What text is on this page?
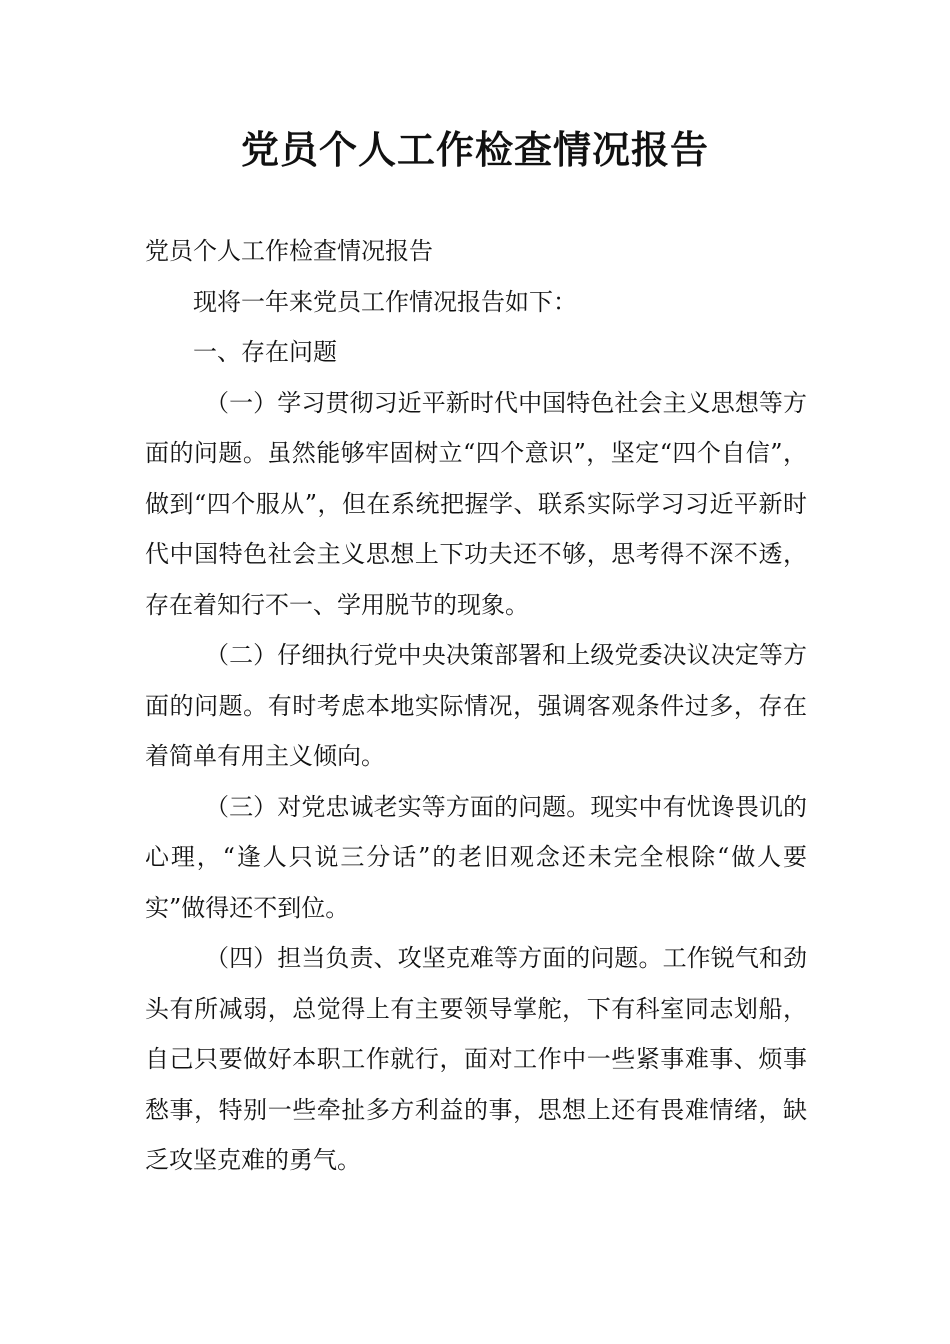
党员个人工作检查情况报告

党员个人工作检查情况报告

现将一年来党员工作情况报告如下：

一、存在问题

（一）学习贯彻习近平新时代中国特色社会主义思想等方面的问题。虽然能够牢固树立“四个意识”，坚定“四个自信”，做到“四个服从”，但在系统把握学、联系实际学习习近平新时代中国特色社会主义思想上下功夫还不够，思考得不深不透，存在着知行不一、学用脱节的现象。

（二）仔细执行党中央决策部署和上级党委决议决定等方面的问题。有时考虑本地实际情况，强调客观条件过多，存在着简单有用主义倾向。

（三）对党忠诚老实等方面的问题。现实中有忧谗畏讥的心理，“逢人只说三分话”的老旧观念还未完全根除“做人要实”做得还不到位。

（四）担当负责、攻坚克难等方面的问题。工作锐气和劲头有所减弱，总觉得上有主要领导掌舵，下有科室同志划船，自己只要做好本职工作就行，面对工作中一些紧事难事、烦事愁事，特别一些牵扯多方利益的事，思想上还有畏难情绪，缺乏攻坚克难的勇气。
